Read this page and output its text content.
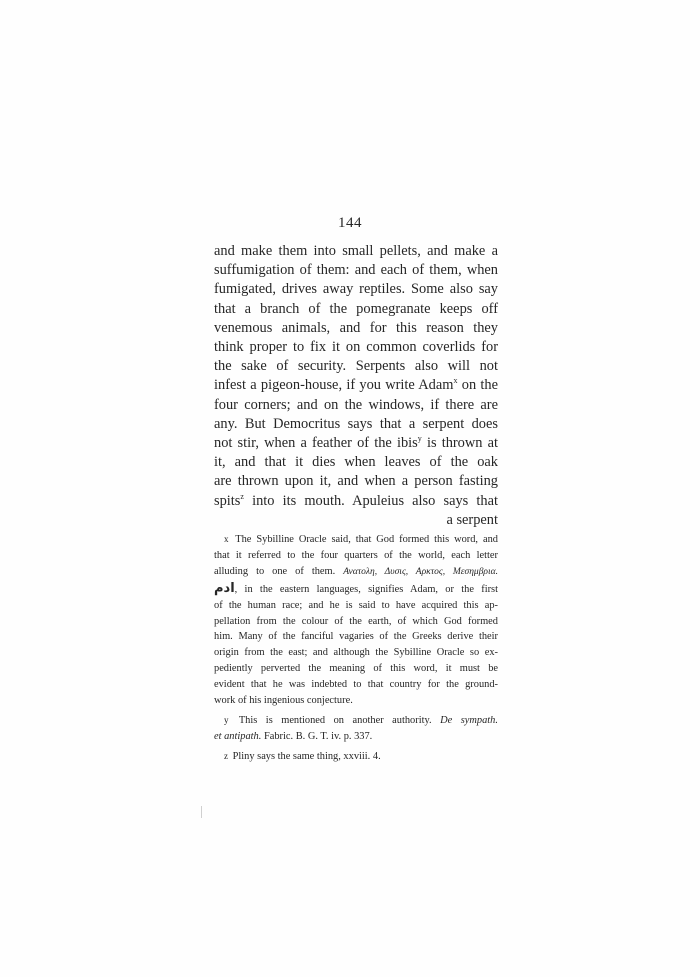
144

and make them into small pellets, and make a
suffumigation of them: and each of them, when
fumigated, drives away reptiles. Some also say
that a branch of the pomegranate keeps off
venemous animals, and for this reason they
think proper to fix it on common coverlids for
the sake of security. Serpents also will not
infest a pigeon-house, if you write Adam$^x$ on the
four corners; and on the windows, if there are
any. But Democritus says that a serpent does
not stir, when a feather of the ibis$^y$ is thrown at
it, and that it dies when leaves of the oak
are thrown upon it, and when a person fasting
spits$^z$ into its mouth. Apuleius also says that
a serpent
x The Sybilline Oracle said, that God formed this word, and
that it referred to the four quarters of the world, each letter
alluding to one of them. Ανατολη, Δυσις, Αρκτος, Μεσημβρια.
ادم, in the eastern languages, signifies Adam, or the first
of the human race; and he is said to have acquired this ap-
pellation from the colour of the earth, of which God formed
him. Many of the fanciful vagaries of the Greeks derive their
origin from the east; and although the Sybilline Oracle so ex-
pediently perverted the meaning of this word, it must be
evident that he was indebted to that country for the ground-
work of his ingenious conjecture.
y This is mentioned on another authority. De sympath.
et antipath. Fabric. B. G. T. iv. p. 337.
z Pliny says the same thing, xxviii. 4.
